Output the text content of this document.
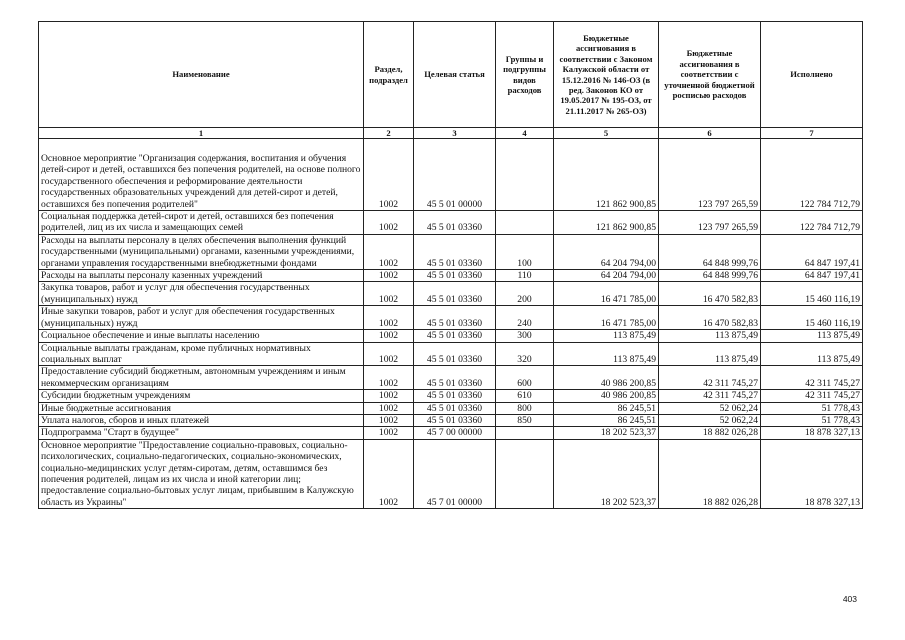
Наименование	Раздел, подраздел	Целевая статья	Группы и подгруппы видов расходов	Бюджетные ассигнования в соответствии с Законом Калужской области от 15.12.2016 № 146-ОЗ (в ред. Законов КО от 19.05.2017 № 195-ОЗ, от 21.11.2017 № 265-ОЗ)	Бюджетные ассигнования в соответствии с уточненной бюджетной росписью расходов	Исполнено
1	2	3	4	5	6	7
Основное мероприятие "Организация содержания, воспитания и обучения детей-сирот и детей, оставшихся без попечения родителей, на основе полного государственного обеспечения и реформирование деятельности государственных образовательных учреждений для детей-сирот и детей, оставшихся без попечения родителей"	1002	45 5 01 00000		121 862 900,85	123 797 265,59	122 784 712,79
Социальная поддержка детей-сирот и детей, оставшихся без попечения родителей, лиц из их числа и замещающих семей	1002	45 5 01 03360		121 862 900,85	123 797 265,59	122 784 712,79
Расходы на выплаты персоналу в целях обеспечения выполнения функций государственными (муниципальными) органами, казенными учреждениями, органами управления государственными внебюджетными фондами	1002	45 5 01 03360	100	64 204 794,00	64 848 999,76	64 847 197,41
Расходы на выплаты персоналу казенных учреждений	1002	45 5 01 03360	110	64 204 794,00	64 848 999,76	64 847 197,41
Закупка товаров, работ и услуг для обеспечения государственных (муниципальных) нужд	1002	45 5 01 03360	200	16 471 785,00	16 470 582,83	15 460 116,19
Иные закупки товаров, работ и услуг для обеспечения государственных (муниципальных) нужд	1002	45 5 01 03360	240	16 471 785,00	16 470 582,83	15 460 116,19
Социальное обеспечение и иные выплаты населению	1002	45 5 01 03360	300	113 875,49	113 875,49	113 875,49
Социальные выплаты гражданам, кроме публичных нормативных социальных выплат	1002	45 5 01 03360	320	113 875,49	113 875,49	113 875,49
Предоставление субсидий бюджетным, автономным учреждениям и иным некоммерческим организациям	1002	45 5 01 03360	600	40 986 200,85	42 311 745,27	42 311 745,27
Субсидии бюджетным учреждениям	1002	45 5 01 03360	610	40 986 200,85	42 311 745,27	42 311 745,27
Иные бюджетные ассигнования	1002	45 5 01 03360	800	86 245,51	52 062,24	51 778,43
Уплата налогов, сборов и иных платежей	1002	45 5 01 03360	850	86 245,51	52 062,24	51 778,43
Подпрограмма "Старт в будущее"	1002	45 7 00 00000		18 202 523,37	18 882 026,28	18 878 327,13
Основное мероприятие "Предоставление социально-правовых, социально-психологических, социально-педагогических, социально-экономических, социально-медицинских услуг детям-сиротам, детям, оставшимся без попечения родителей, лицам из их числа и иной категории лиц; предоставление социально-бытовых услуг лицам, прибывшим в Калужскую область из Украины"	1002	45 7 01 00000		18 202 523,37	18 882 026,28	18 878 327,13
403
